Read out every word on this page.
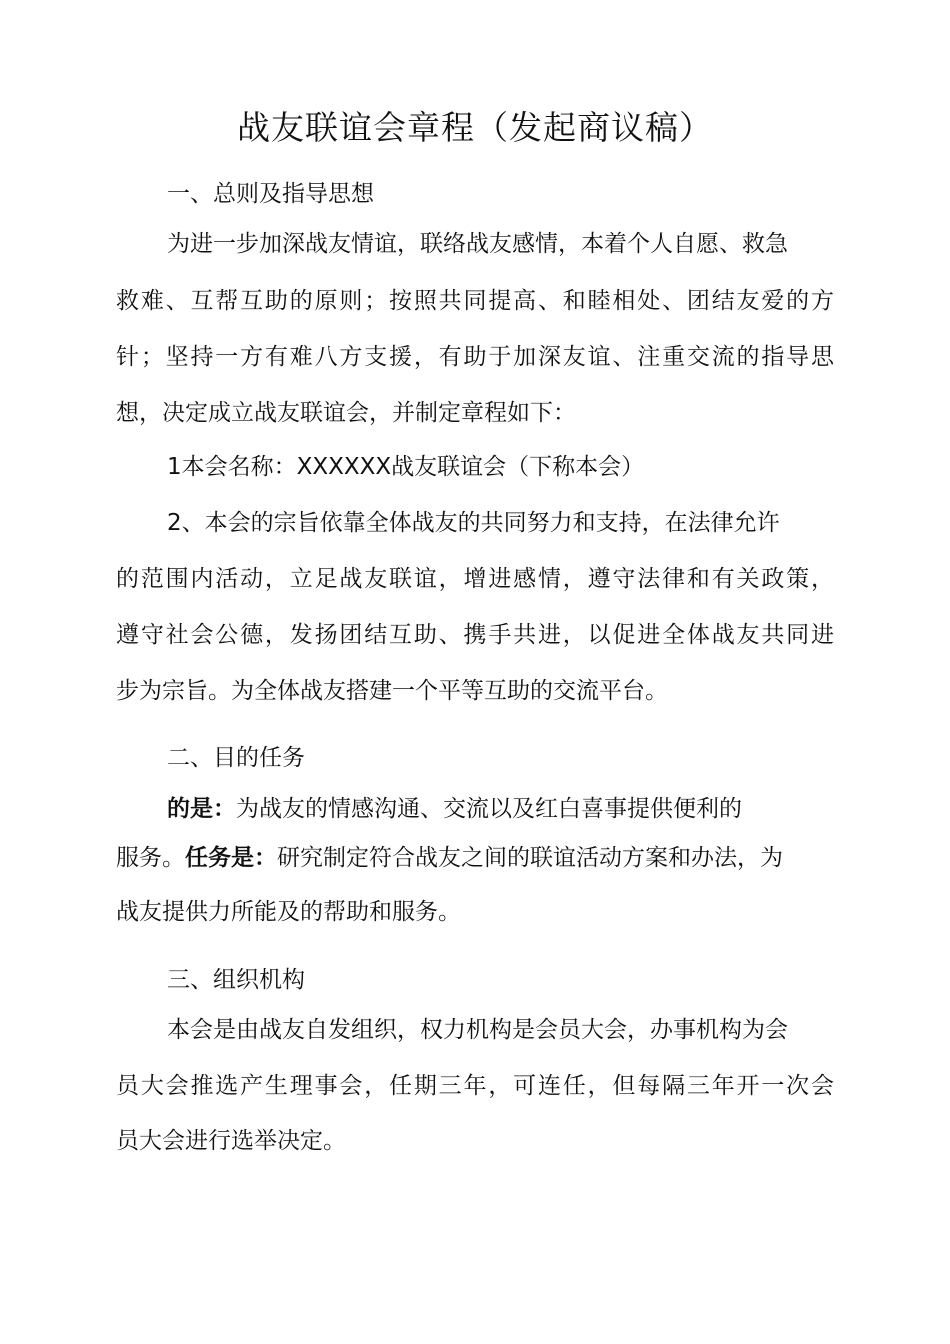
战友联谊会章程（发起商议稿）
一、总则及指导思想
为进一步加深战友情谊，联络战友感情，本着个人自愿、救急
救难、互帮互助的原则；按照共同提高、和睦相处、团结友爱的方
针；坚持一方有难八方支援，有助于加深友谊、注重交流的指导思
想，决定成立战友联谊会，并制定章程如下：
1本会名称：XXXXXX战友联谊会（下称本会）
2、本会的宗旨依靠全体战友的共同努力和支持，在法律允许
的范围内活动，立足战友联谊，增进感情，遵守法律和有关政策，
遵守社会公德，发扬团结互助、携手共进，以促进全体战友共同进
步为宗旨。为全体战友搭建一个平等互助的交流平台。
二、目的任务
的是：为战友的情感沟通、交流以及红白喜事提供便利的
服务。任务是：研究制定符合战友之间的联谊活动方案和办法，为
战友提供力所能及的帮助和服务。
三、组织机构
本会是由战友自发组织，权力机构是会员大会，办事机构为会
员大会推选产生理事会，任期三年，可连任，但每隔三年开一次会
员大会进行选举决定。
